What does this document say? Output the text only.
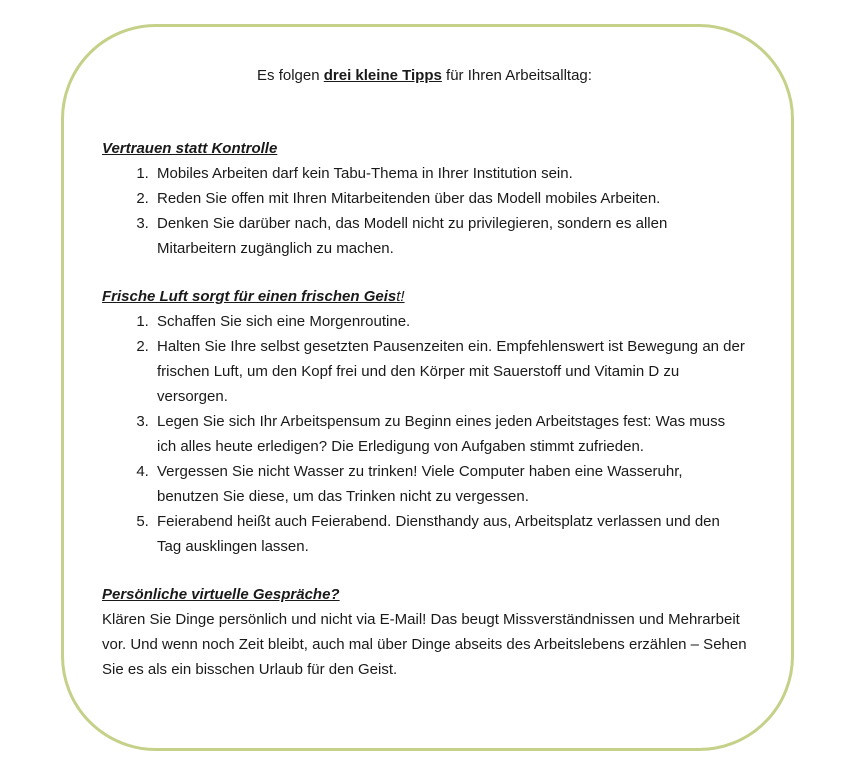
Es folgen drei kleine Tipps für Ihren Arbeitsalltag:

Vertrauen statt Kontrolle
1. Mobiles Arbeiten darf kein Tabu-Thema in Ihrer Institution sein.
2. Reden Sie offen mit Ihren Mitarbeitenden über das Modell mobiles Arbeiten.
3. Denken Sie darüber nach, das Modell nicht zu privilegieren, sondern es allen Mitarbeitern zugänglich zu machen.
Frische Luft sorgt für einen frischen Geist!
1. Schaffen Sie sich eine Morgenroutine.
2. Halten Sie Ihre selbst gesetzten Pausenzeiten ein. Empfehlenswert ist Bewegung an der frischen Luft, um den Kopf frei und den Körper mit Sauerstoff und Vitamin D zu versorgen.
3. Legen Sie sich Ihr Arbeitspensum zu Beginn eines jeden Arbeitstages fest: Was muss ich alles heute erledigen? Die Erledigung von Aufgaben stimmt zufrieden.
4. Vergessen Sie nicht Wasser zu trinken! Viele Computer haben eine Wasseruhr, benutzen Sie diese, um das Trinken nicht zu vergessen.
5. Feierabend heißt auch Feierabend. Diensthandy aus, Arbeitsplatz verlassen und den Tag ausklingen lassen.
Persönliche virtuelle Gespräche?

Klären Sie Dinge persönlich und nicht via E-Mail! Das beugt Missverständnissen und Mehrarbeit vor. Und wenn noch Zeit bleibt, auch mal über Dinge abseits des Arbeitslebens erzählen – Sehen Sie es als ein bisschen Urlaub für den Geist.
